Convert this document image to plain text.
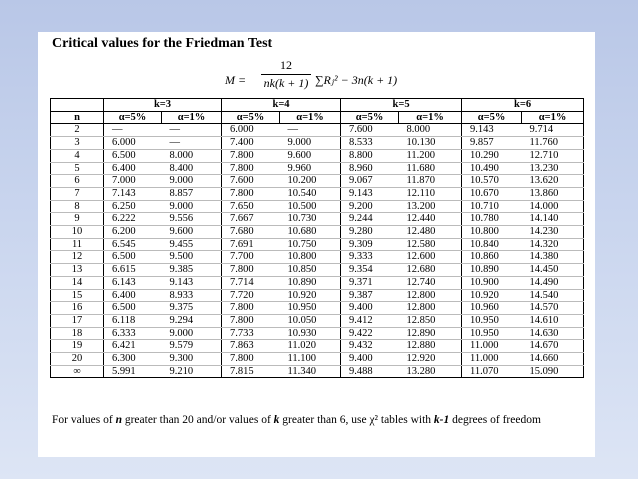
Critical values for the Friedman Test
$M = \frac{12}{nk(k + 1)}$ ∑Rⱼ² − 3n(k + 1)
	k=3		k=4		k=5		k=6	
n	α=5%	α=1%	α=5%	α=1%	α=5%	α=1%	α=5%	α=1%
2	—	—	6.000	—	7.600	8.000	9.143	9.714
3	6.000	—	7.400	9.000	8.533	10.130	9.857	11.760
4	6.500	8.000	7.800	9.600	8.800	11.200	10.290	12.710
5	6.400	8.400	7.800	9.960	8.960	11.680	10.490	13.230
6	7.000	9.000	7.600	10.200	9.067	11.870	10.570	13.620
7	7.143	8.857	7.800	10.540	9.143	12.110	10.670	13.860
8	6.250	9.000	7.650	10.500	9.200	13.200	10.710	14.000
9	6.222	9.556	7.667	10.730	9.244	12.440	10.780	14.140
10	6.200	9.600	7.680	10.680	9.280	12.480	10.800	14.230
11	6.545	9.455	7.691	10.750	9.309	12.580	10.840	14.320
12	6.500	9.500	7.700	10.800	9.333	12.600	10.860	14.380
13	6.615	9.385	7.800	10.850	9.354	12.680	10.890	14.450
14	6.143	9.143	7.714	10.890	9.371	12.740	10.900	14.490
15	6.400	8.933	7.720	10.920	9.387	12.800	10.920	14.540
16	6.500	9.375	7.800	10.950	9.400	12.800	10.960	14.570
17	6.118	9.294	7.800	10.050	9.412	12.850	10.950	14.610
18	6.333	9.000	7.733	10.930	9.422	12.890	10.950	14.630
19	6.421	9.579	7.863	11.020	9.432	12.880	11.000	14.670
20	6.300	9.300	7.800	11.100	9.400	12.920	11.000	14.660
∞	5.991	9.210	7.815	11.340	9.488	13.280	11.070	15.090
For values of n greater than 20 and/or values of k greater than 6, use χ² tables with k-1 degrees of freedom
